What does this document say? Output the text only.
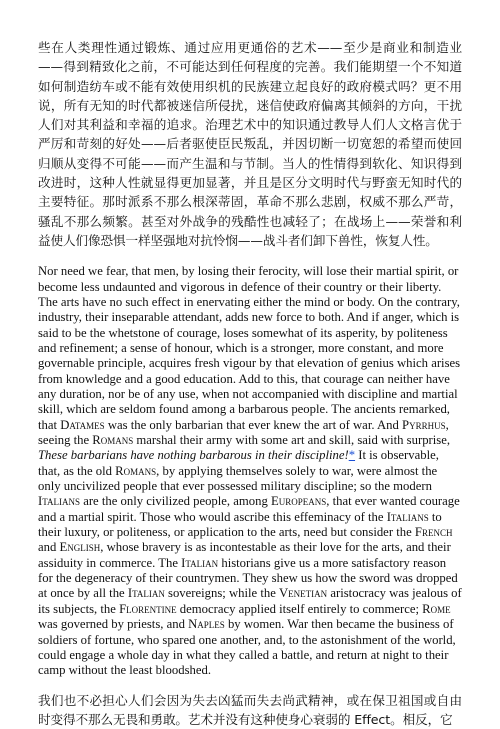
些在人类理性通过锻炼、通过应用更通俗的艺术——至少是商业和制造业——得到精致化之前，不可能达到任何程度的完善。我们能期望一个不知道如何制造纺车或不能有效使用织机的民族建立起良好的政府模式吗？更不用说，所有无知的时代都被迷信所侵扰，迷信使政府偏离其倾斜的方向，干扰人们对其利益和幸福的追求。治理艺术中的知识通过教导人们人文格言优于严厉和苛刻的好处——后者驱使臣民叛乱，并因切断一切宽恕的希望而使回归顺从变得不可能——而产生温和与节制。当人的性情得到软化、知识得到改进时，这种人性就显得更加显著，并且是区分文明时代与野蛮无知时代的主要特征。那时派系不那么根深蒂固，革命不那么悲剧，权威不那么严苛，骚乱不那么频繁。甚至对外战争的残酷性也减轻了；在战场上——荣誉和利益使人们像恐惧一样坚强地对抗怜悯——战斗者们卸下兽性，恢复人性。

Nor need we fear, that men, by losing their ferocity, will lose their martial spirit, or become less undaunted and vigorous in defence of their country or their liberty. The arts have no such effect in enervating either the mind or body. On the contrary, industry, their inseparable attendant, adds new force to both. And if anger, which is said to be the whetstone of courage, loses somewhat of its asperity, by politeness and refinement; a sense of honour, which is a stronger, more constant, and more governable principle, acquires fresh vigour by that elevation of genius which arises from knowledge and a good education. Add to this, that courage can neither have any duration, nor be of any use, when not accompanied with discipline and martial skill, which are seldom found among a barbarous people. The ancients remarked, that Datames was the only barbarian that ever knew the art of war. And Pyrrhus, seeing the Romans marshal their army with some art and skill, said with surprise, These barbarians have nothing barbarous in their discipline!* It is observable, that, as the old Romans, by applying themselves solely to war, were almost the only uncivilized people that ever possessed military discipline; so the modern Italians are the only civilized people, among Europeans, that ever wanted courage and a martial spirit. Those who would ascribe this effeminacy of the Italians to their luxury, or politeness, or application to the arts, need but consider the French and English, whose bravery is as incontestable as their love for the arts, and their assiduity in commerce. The Italian historians give us a more satisfactory reason for the degeneracy of their countrymen. They shew us how the sword was dropped at once by all the Italian sovereigns; while the Venetian aristocracy was jealous of its subjects, the Florentine democracy applied itself entirely to commerce; Rome was governed by priests, and Naples by women. War then became the business of soldiers of fortune, who spared one another, and, to the astonishment of the world, could engage a whole day in what they called a battle, and return at night to their camp without the least bloodshed.

我们也不必担心人们会因为失去凶猛而失去尚武精神，或在保卫祖国或自由时变得不那么无畏和勇敢。艺术并没有这种使身心衰弱的 Effect。相反，它
